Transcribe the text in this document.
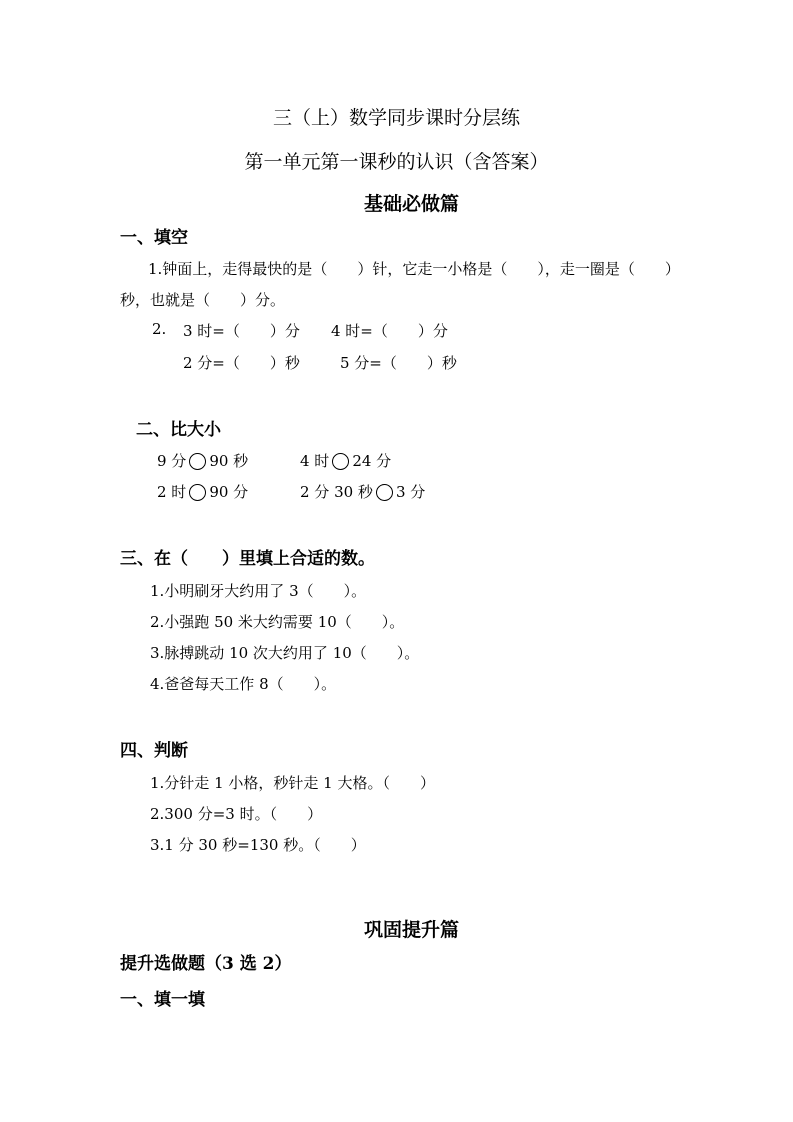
三（上）数学同步课时分层练
第一单元第一课秒的认识（含答案）
基础必做篇
一、填空
1.钟面上，走得最快的是（　　）针，它走一小格是（　　），走一圈是（　　）
秒，也就是（　　）分。
2. 3 时=（　　）分 4 时=（　　）分
2 分=（　　）秒	5 分=（　　）秒
二、比大小
9 分 90 秒	4 时 24 分
2 时 90 分	2 分 30 秒 3 分
三、在（　　）里填上合适的数。
1.小明刷牙大约用了 3（　　）。
2.小强跑 50 米大约需要 10（　　）。
3.脉搏跳动 10 次大约用了 10（　　）。
4.爸爸每天工作 8（　　）。
四、判断
1.分针走 1 小格，秒针走 1 大格。（　　）
2.300 分=3 时。（　　）
3.1 分 30 秒=130 秒。（　　）
巩固提升篇
提升选做题（3 选 2）
一、填一填
